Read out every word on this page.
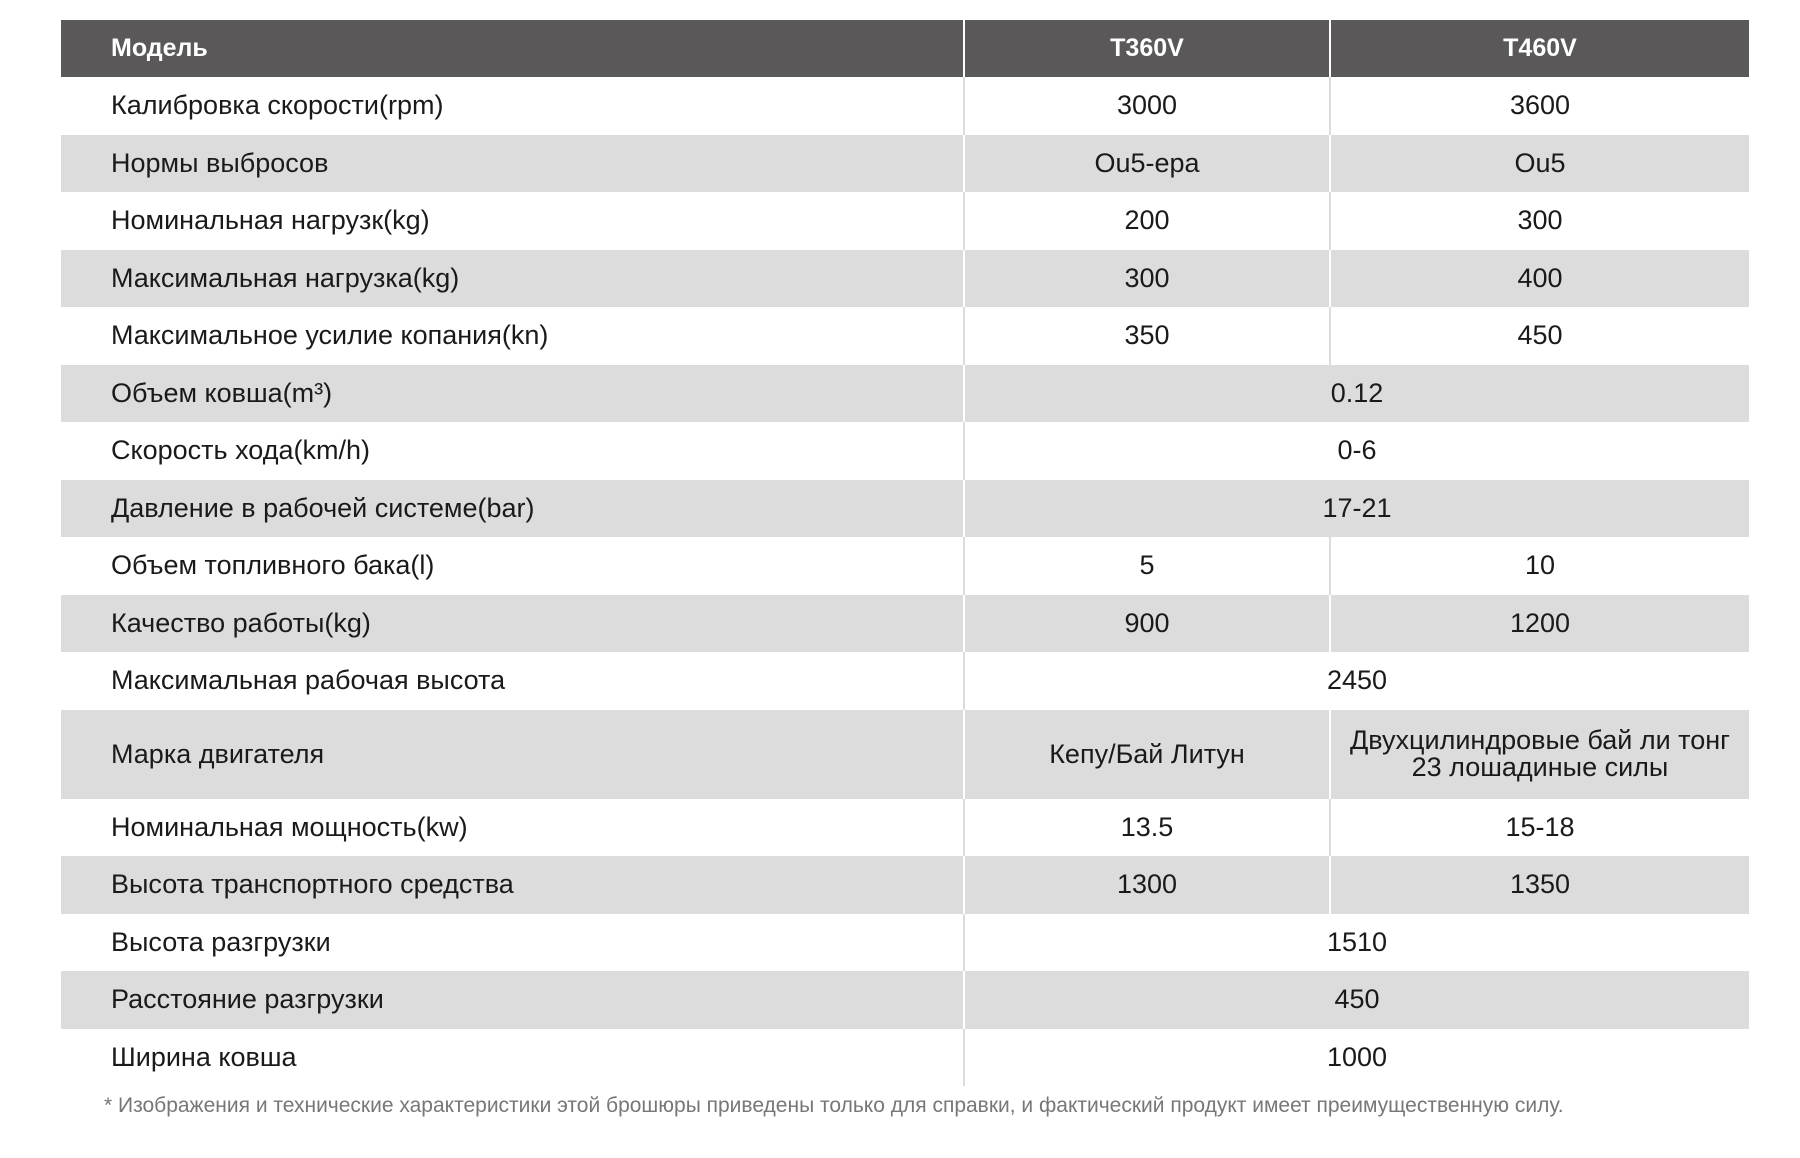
Модель	T360V	T460V
Калибровка скорости(rpm)	3000	3600
Нормы выбросов	Ou5-epa	Ou5
Номинальная нагрузк(kg)	200	300
Максимальная нагрузка(kg)	300	400
Максимальное усилие копания(kn)	350	450
Объем ковша(m³)	0.12	
Скорость хода(km/h)	0-6	
Давление в рабочей системе(bar)	17-21	
Объем топливного бака(l)	5	10
Качество работы(kg)	900	1200
Максимальная рабочая высота	2450	
Марка двигателя	Кепу/Бай Литун	Двухцилиндровые бай ли тонг
23 лошадиные силы

Номинальная мощность(kw)	13.5	15-18
Высота транспортного средства	1300	1350
Высота разгрузки	1510	
Расстояние разгрузки	450	
Ширина ковша	1000	
* Изображения и технические характеристики этой брошюры приведены только для справки, и фактический продукт имеет преимущественную силу.
